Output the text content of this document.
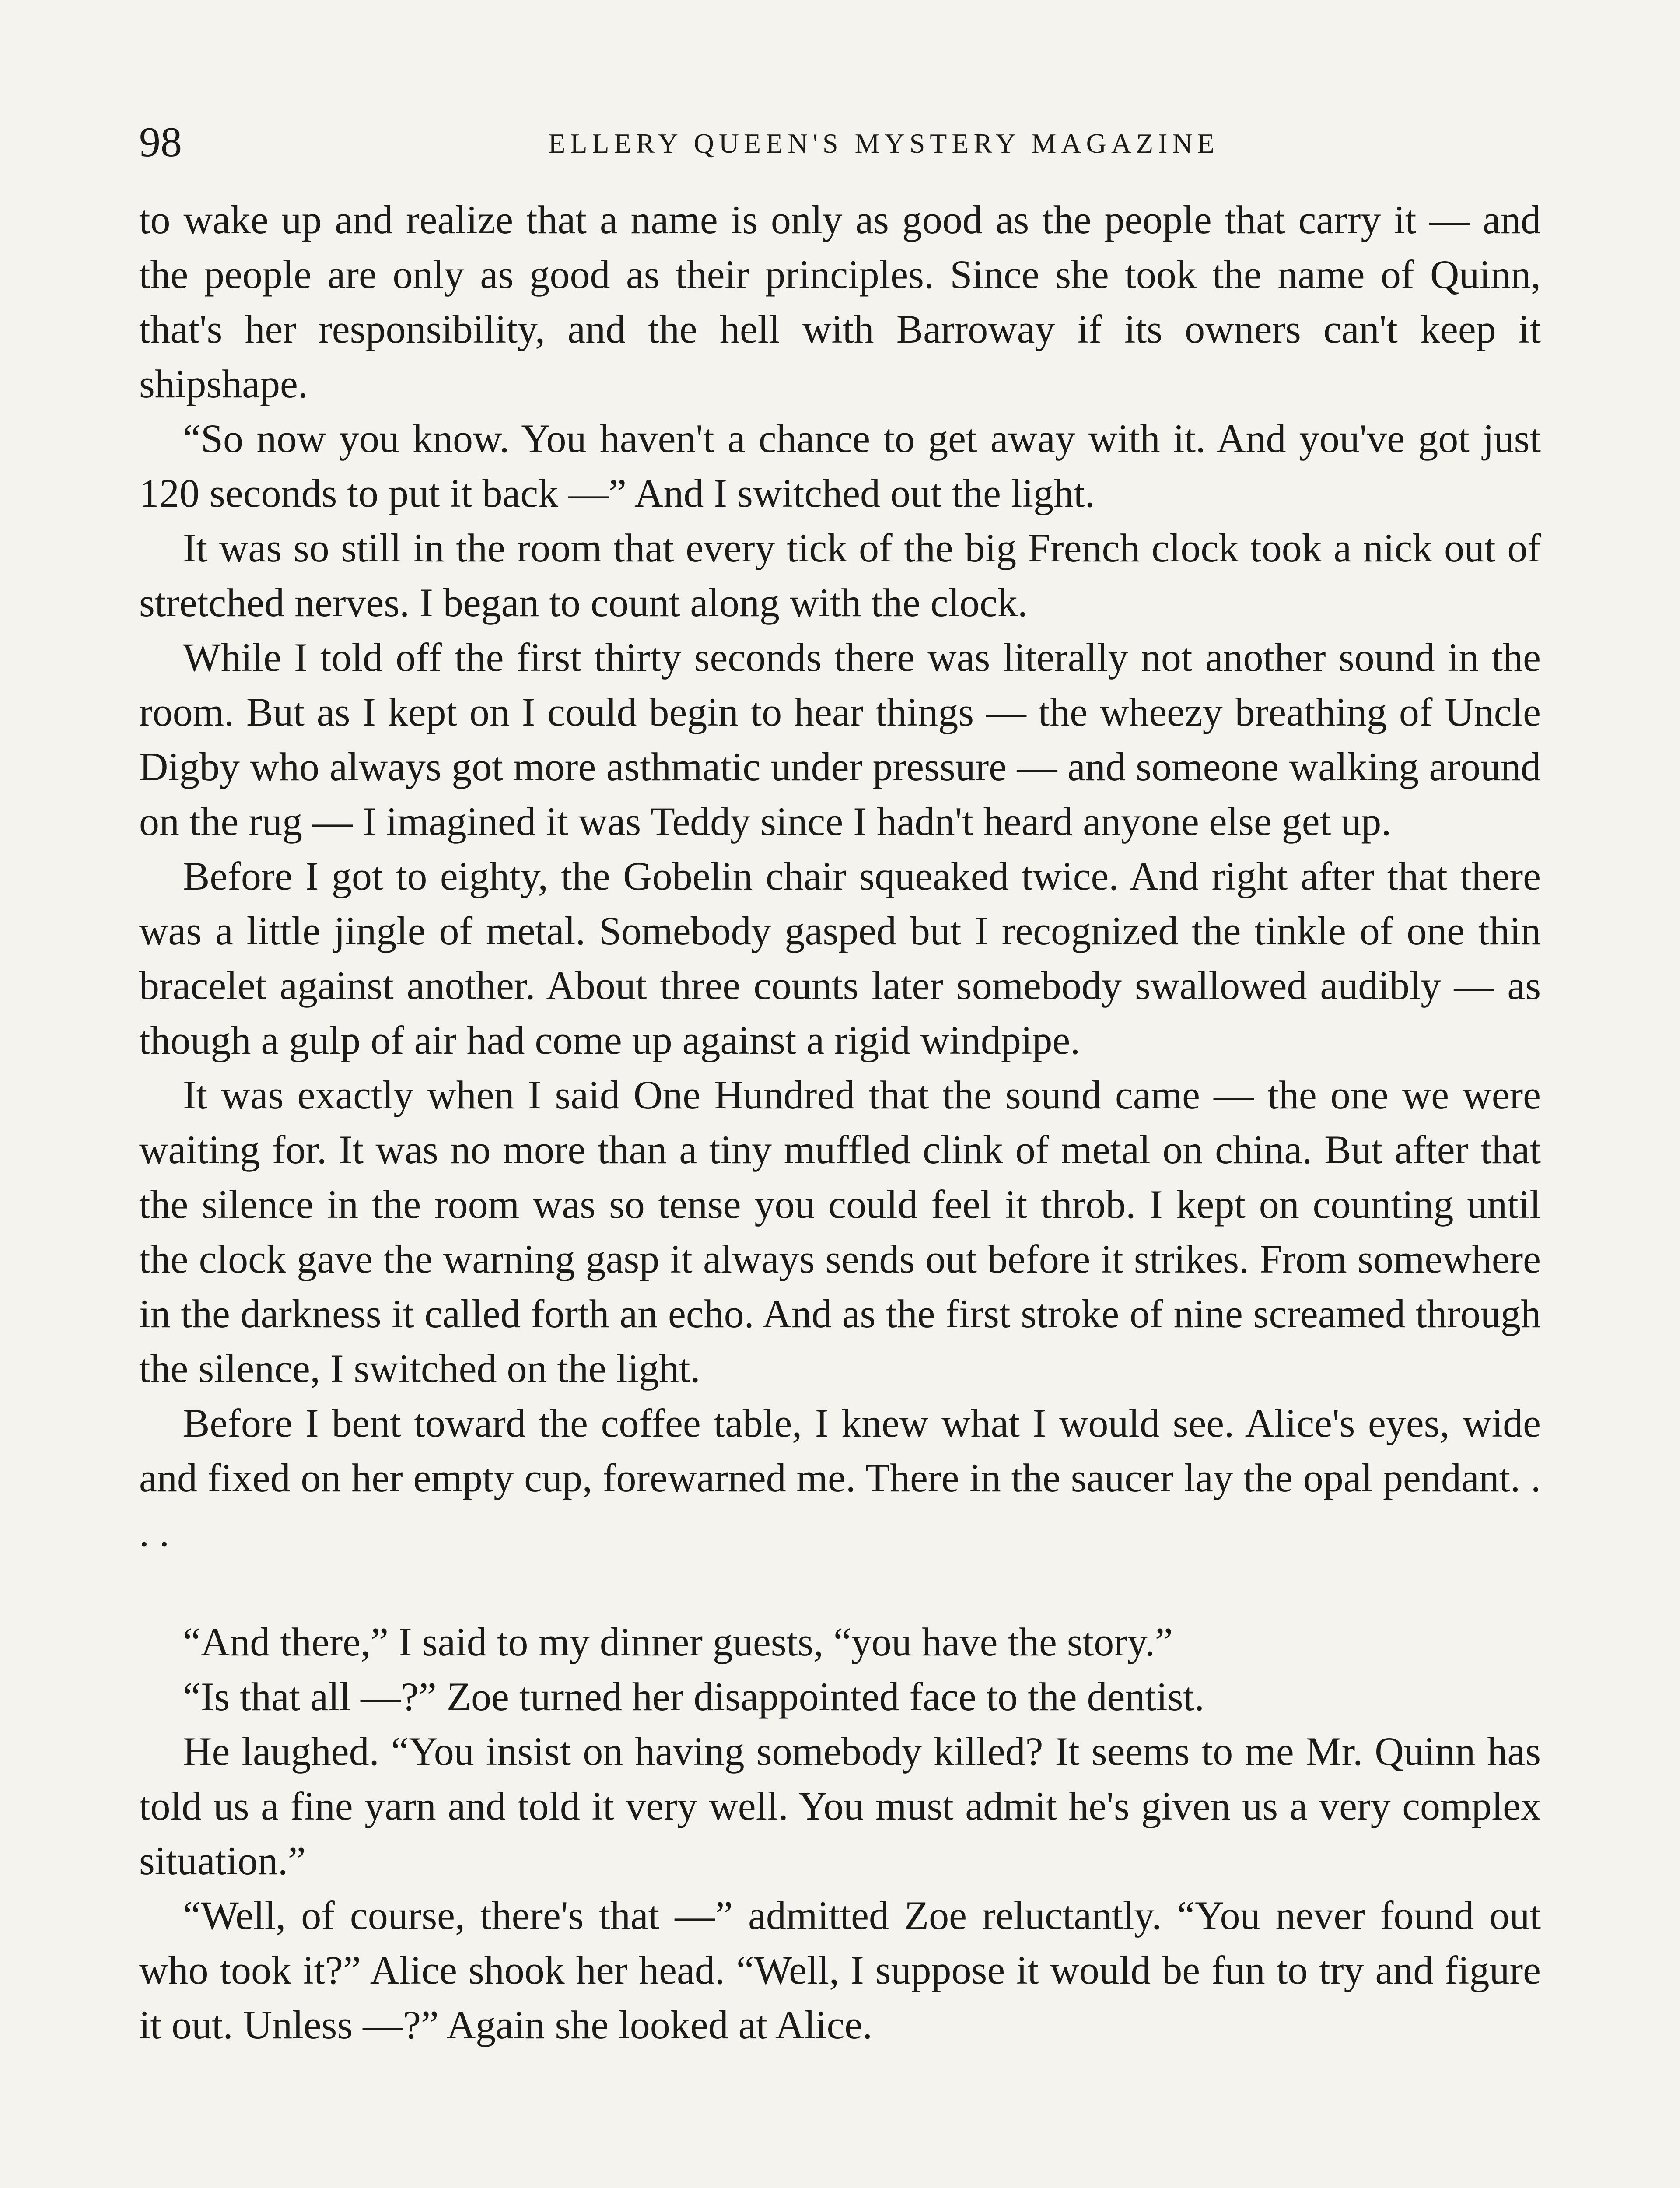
98	ELLERY QUEEN'S MYSTERY MAGAZINE

to wake up and realize that a name is only as good as the people that carry it — and the people are only as good as their principles. Since she took the name of Quinn, that's her responsibility, and the hell with Barroway if its owners can't keep it shipshape.

“So now you know. You haven't a chance to get away with it. And you've got just 120 seconds to put it back —” And I switched out the light.

It was so still in the room that every tick of the big French clock took a nick out of stretched nerves. I began to count along with the clock.

While I told off the first thirty seconds there was literally not another sound in the room. But as I kept on I could begin to hear things — the wheezy breathing of Uncle Digby who always got more asthmatic under pressure — and someone walking around on the rug — I imagined it was Teddy since I hadn't heard anyone else get up.

Before I got to eighty, the Gobelin chair squeaked twice. And right after that there was a little jingle of metal. Somebody gasped but I recognized the tinkle of one thin bracelet against another. About three counts later somebody swallowed audibly — as though a gulp of air had come up against a rigid windpipe.

It was exactly when I said One Hundred that the sound came — the one we were waiting for. It was no more than a tiny muffled clink of metal on china. But after that the silence in the room was so tense you could feel it throb. I kept on counting until the clock gave the warning gasp it always sends out before it strikes. From somewhere in the darkness it called forth an echo. And as the first stroke of nine screamed through the silence, I switched on the light.

Before I bent toward the coffee table, I knew what I would see. Alice's eyes, wide and fixed on her empty cup, forewarned me. There in the saucer lay the opal pendant. . . .

“And there,” I said to my dinner guests, “you have the story.”

“Is that all —?” Zoe turned her disappointed face to the dentist.

He laughed. “You insist on having somebody killed? It seems to me Mr. Quinn has told us a fine yarn and told it very well. You must admit he's given us a very complex situation.”

“Well, of course, there's that —” admitted Zoe reluctantly. “You never found out who took it?” Alice shook her head. “Well, I suppose it would be fun to try and figure it out. Unless —?” Again she looked at Alice.
